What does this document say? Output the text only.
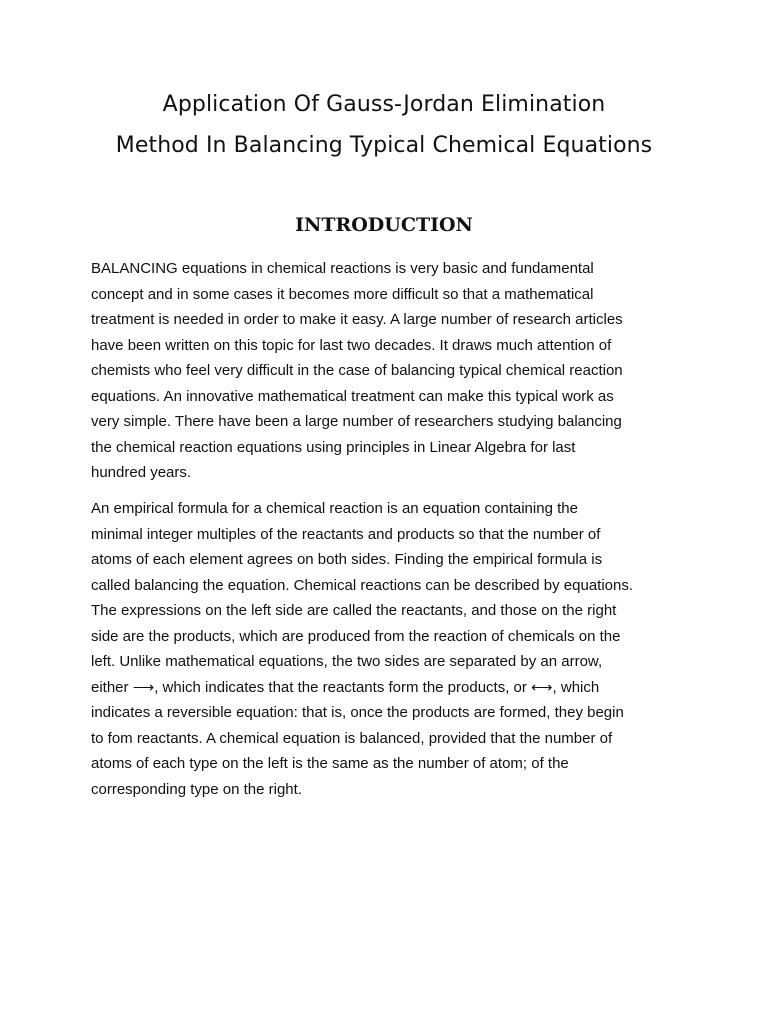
Application Of Gauss-Jordan Elimination
Method In Balancing Typical Chemical Equations
INTRODUCTION
BALANCING equations in chemical reactions is very basic and fundamental
concept and in some cases it becomes more difficult so that a mathematical
treatment is needed in order to make it easy. A large number of research articles
have been written on this topic for last two decades. It draws much attention of
chemists who feel very difficult in the case of balancing typical chemical reaction
equations. An innovative mathematical treatment can make this typical work as
very simple. There have been a large number of researchers studying balancing
the chemical reaction equations using principles in Linear Algebra for last
hundred years.
An empirical formula for a chemical reaction is an equation containing the
minimal integer multiples of the reactants and products so that the number of
atoms of each element agrees on both sides. Finding the empirical formula is
called balancing the equation. Chemical reactions can be described by equations.
The expressions on the left side are called the reactants, and those on the right
side are the products, which are produced from the reaction of chemicals on the
left. Unlike mathematical equations, the two sides are separated by an arrow,
either ⟶, which indicates that the reactants form the products, or ⟷, which
indicates a reversible equation: that is, once the products are formed, they begin
to fom reactants. A chemical equation is balanced, provided that the number of
atoms of each type on the left is the same as the number of atom; of the
corresponding type on the right.
